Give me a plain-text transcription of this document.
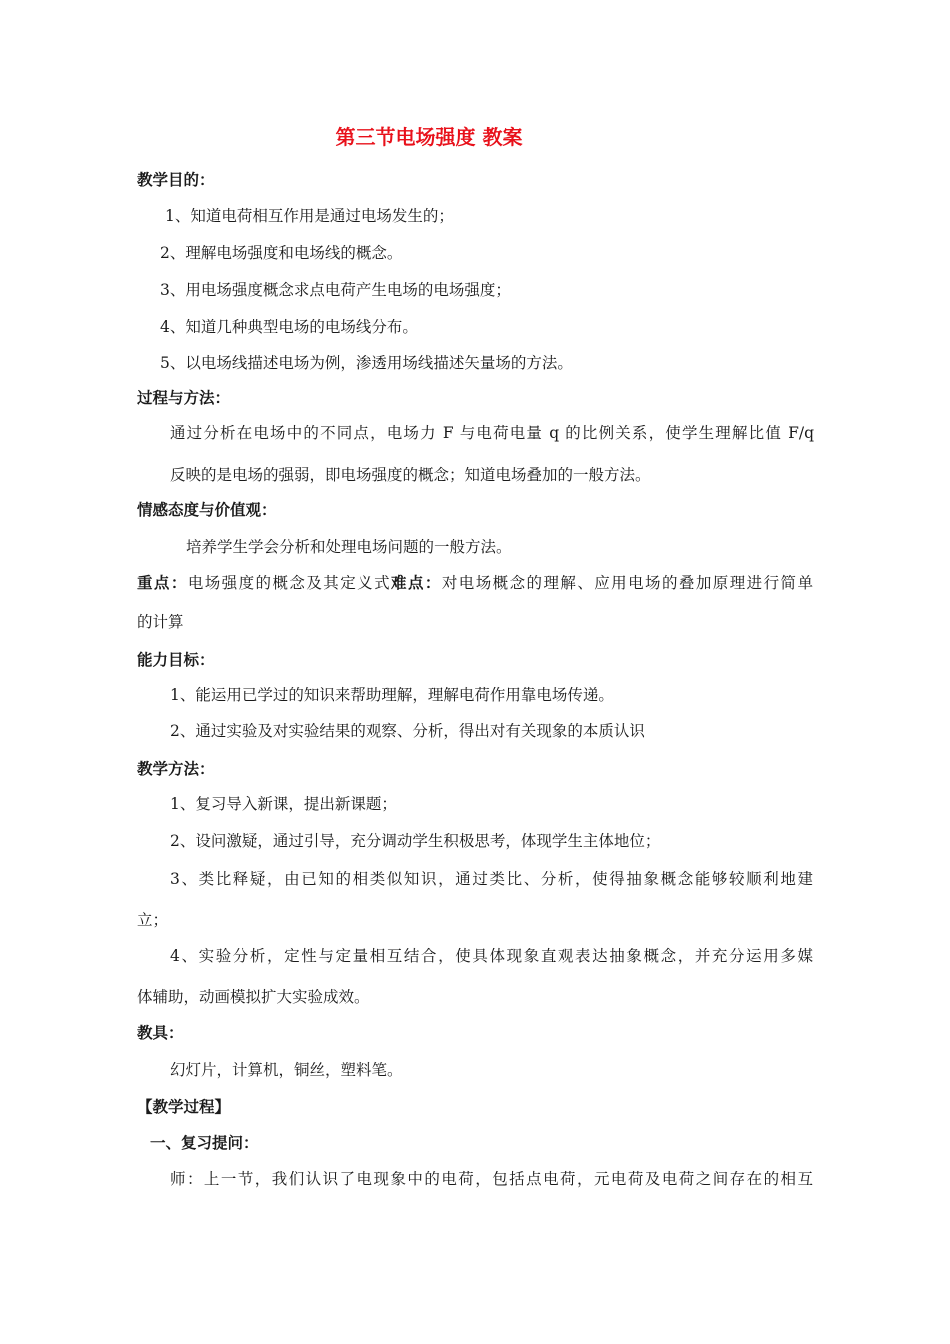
第三节电场强度 教案
教学目的：
1、知道电荷相互作用是通过电场发生的；
2、理解电场强度和电场线的概念。
3、用电场强度概念求点电荷产生电场的电场强度；
4、知道几种典型电场的电场线分布。
5、以电场线描述电场为例，渗透用场线描述矢量场的方法。
过程与方法：
通过分析在电场中的不同点，电场力 F 与电荷电量 q 的比例关系，使学生理解比值 F/q
反映的是电场的强弱，即电场强度的概念；知道电场叠加的一般方法。
情感态度与价值观：
培养学生学会分析和处理电场问题的一般方法。
重点：电场强度的概念及其定义式难点：对电场概念的理解、应用电场的叠加原理进行简单
的计算
能力目标：
1、能运用已学过的知识来帮助理解，理解电荷作用靠电场传递。
2、通过实验及对实验结果的观察、分析，得出对有关现象的本质认识
教学方法：
1、复习导入新课，提出新课题；
2、设问激疑，通过引导，充分调动学生积极思考，体现学生主体地位；
3、类比释疑，由已知的相类似知识，通过类比、分析，使得抽象概念能够较顺利地建
立；
4、实验分析，定性与定量相互结合，使具体现象直观表达抽象概念，并充分运用多媒
体辅助，动画模拟扩大实验成效。
教具：
幻灯片，计算机，铜丝，塑料笔。
【教学过程】
一、复习提问：
师：上一节，我们认识了电现象中的电荷，包括点电荷，元电荷及电荷之间存在的相互
